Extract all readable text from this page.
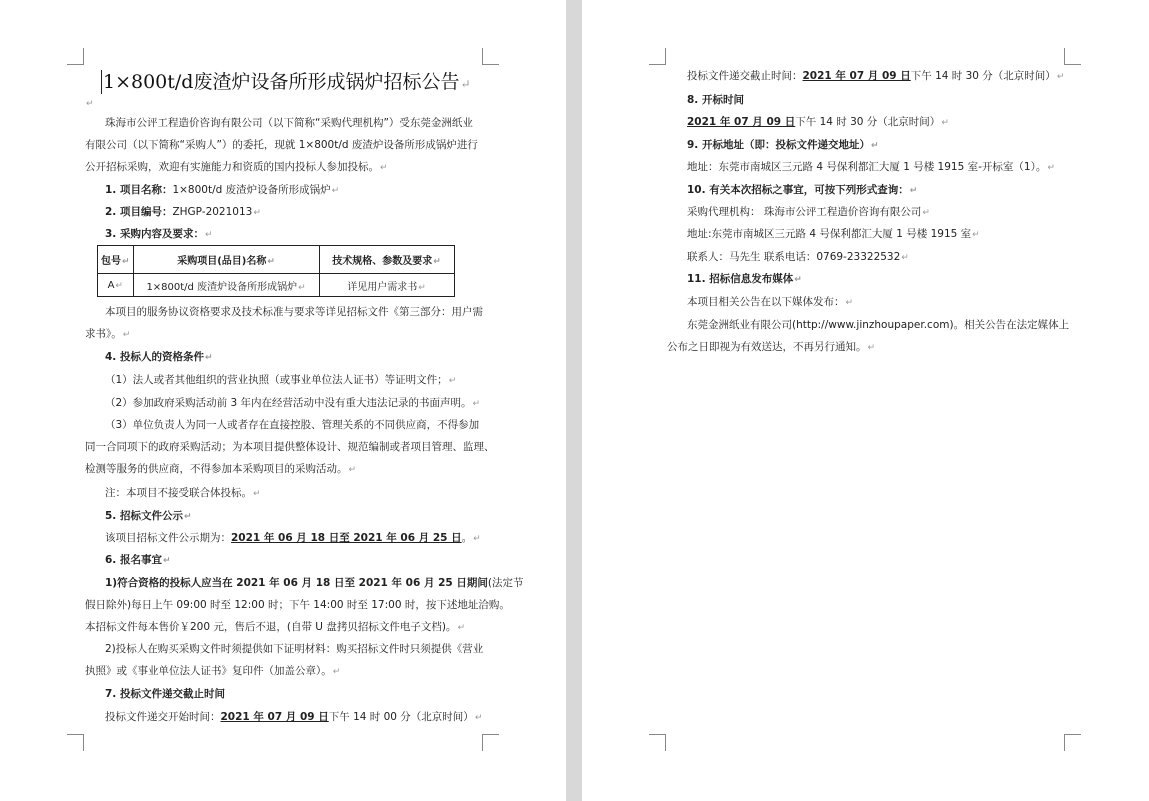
1×800t/d废渣炉设备所形成锅炉招标公告↵
↵
珠海市公评工程造价咨询有限公司（以下简称“采购代理机构”）受东莞金洲纸业
有限公司（以下简称“采购人”）的委托，现就 1×800t/d 废渣炉设备所形成锅炉进行
公开招标采购，欢迎有实施能力和资质的国内投标人参加投标。↵
1. 项目名称：1×800t/d 废渣炉设备所形成锅炉↵
2. 项目编号：ZHGP-2021013↵
3. 采购内容及要求：↵
包号↵	采购项目(品目)名称↵	技术规格、参数及要求↵
A↵	1×800t/d 废渣炉设备所形成锅炉↵	详见用户需求书↵
本项目的服务协议资格要求及技术标准与要求等详见招标文件《第三部分：用户需
求书》。↵
4. 投标人的资格条件↵
（1）法人或者其他组织的营业执照（或事业单位法人证书）等证明文件；↵
（2）参加政府采购活动前 3 年内在经营活动中没有重大违法记录的书面声明。↵
（3）单位负责人为同一人或者存在直接控股、管理关系的不同供应商，不得参加
同一合同项下的政府采购活动；为本项目提供整体设计、规范编制或者项目管理、监理、
检测等服务的供应商，不得参加本采购项目的采购活动。↵
注：本项目不接受联合体投标。↵
5. 招标文件公示↵
该项目招标文件公示期为：2021 年 06 月 18 日至 2021 年 06 月 25 日。↵
6. 报名事宜↵
1)符合资格的投标人应当在 2021 年 06 月 18 日至 2021 年 06 月 25 日期间(法定节
假日除外)每日上午 09:00 时至 12:00 时；下午 14:00 时至 17:00 时，按下述地址洽购。
本招标文件每本售价￥200 元，售后不退，(自带 U 盘拷贝招标文件电子文档)。↵
2)投标人在购买采购文件时须提供如下证明材料：购买招标文件时只须提供《营业
执照》或《事业单位法人证书》复印件（加盖公章）。↵
7. 投标文件递交截止时间
投标文件递交开始时间：2021 年 07 月 09 日下午 14 时 00 分（北京时间）↵
投标文件递交截止时间：2021 年 07 月 09 日下午 14 时 30 分（北京时间）↵
8. 开标时间
2021 年 07 月 09 日下午 14 时 30 分（北京时间）↵
9. 开标地址（即：投标文件递交地址）↵
地址：东莞市南城区三元路 4 号保利都汇大厦 1 号楼 1915 室-开标室（1）。↵
10. 有关本次招标之事宜，可按下列形式查询：↵
采购代理机构： 珠海市公评工程造价咨询有限公司↵
地址:东莞市南城区三元路 4 号保利都汇大厦 1 号楼 1915 室↵
联系人：马先生 联系电话：0769-23322532↵
11. 招标信息发布媒体↵
本项目相关公告在以下媒体发布：↵
东莞金洲纸业有限公司(http://www.jinzhoupaper.com)。相关公告在法定媒体上
公布之日即视为有效送达，不再另行通知。↵
